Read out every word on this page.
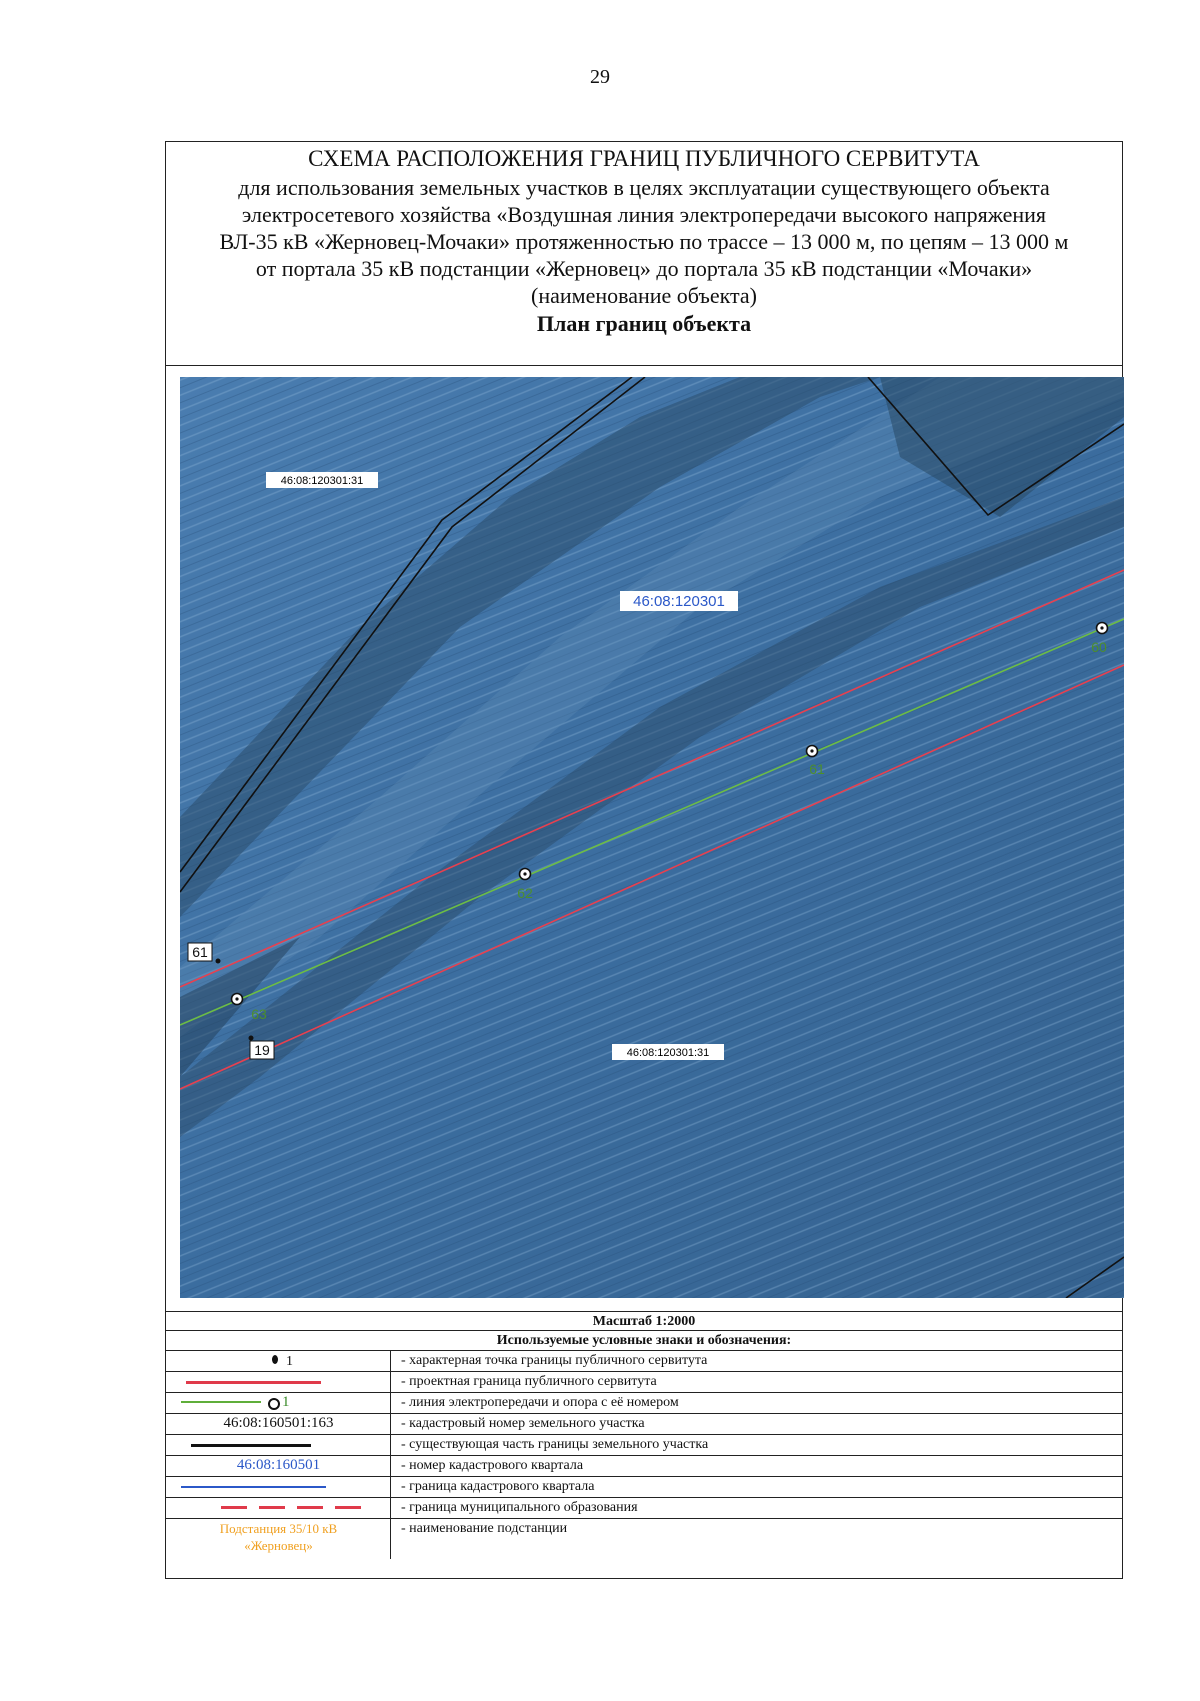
29
СХЕМА РАСПОЛОЖЕНИЯ ГРАНИЦ ПУБЛИЧНОГО СЕРВИТУТА
для использования земельных участков в целях эксплуатации существующего объекта
электросетевого хозяйства «Воздушная линия электропередачи высокого напряжения
ВЛ-35 кВ «Жерновец-Мочаки» протяженностью по трассе – 13 000 м, по цепям – 13 000 м
от портала 35 кВ подстанции «Жерновец» до портала 35 кВ подстанции «Мочаки»
(наименование объекта)
План границ объекта
60
61
62
63
61
19
46:08:120301:31
46:08:120301
46:08:120301:31
Масштаб 1:2000
Используемые условные знаки и обозначения:
1	- характерная точка границы публичного сервитута
- проектная граница публичного сервитута
1	- линия электропередачи и опора с её номером
46:08:160501:163	- кадастровый номер земельного участка
- существующая часть границы земельного участка
46:08:160501	- номер кадастрового квартала
- граница кадастрового квартала
- граница муниципального образования
Подстанция 35/10 кВ
«Жерновец»
- наименование подстанции
